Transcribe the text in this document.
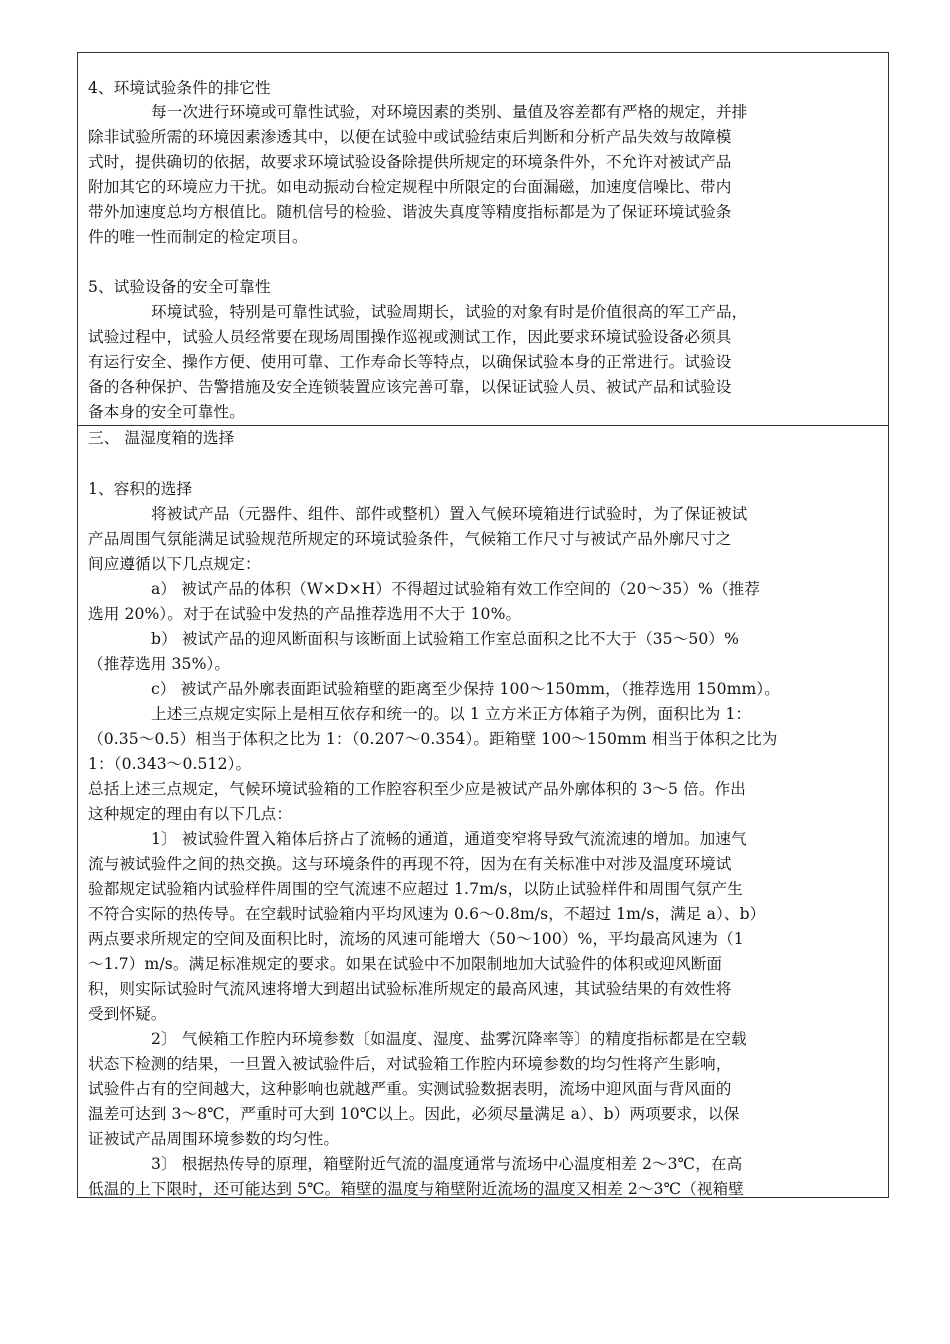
4、环境试验条件的排它性
每一次进行环境或可靠性试验，对环境因素的类别、量值及容差都有严格的规定，并排
除非试验所需的环境因素渗透其中，以便在试验中或试验结束后判断和分析产品失效与故障模
式时，提供确切的依据，故要求环境试验设备除提供所规定的环境条件外，不允许对被试产品
附加其它的环境应力干扰。如电动振动台检定规程中所限定的台面漏磁，加速度信噪比、带内
带外加速度总均方根值比。随机信号的检验、谐波失真度等精度指标都是为了保证环境试验条
件的唯一性而制定的检定项目。
5、试验设备的安全可靠性
环境试验，特别是可靠性试验，试验周期长，试验的对象有时是价值很高的军工产品，
试验过程中，试验人员经常要在现场周围操作巡视或测试工作，因此要求环境试验设备必须具
有运行安全、操作方便、使用可靠、工作寿命长等特点，以确保试验本身的正常进行。试验设
备的各种保护、告警措施及安全连锁装置应该完善可靠，以保证试验人员、被试产品和试验设
备本身的安全可靠性。
三、 温湿度箱的选择
1、容积的选择
将被试产品（元器件、组件、部件或整机）置入气候环境箱进行试验时，为了保证被试
产品周围气氛能满足试验规范所规定的环境试验条件，气候箱工作尺寸与被试产品外廓尺寸之
间应遵循以下几点规定：
a） 被试产品的体积（W×D×H）不得超过试验箱有效工作空间的（20～35）%（推荐
选用 20%）。对于在试验中发热的产品推荐选用不大于 10%。
b） 被试产品的迎风断面积与该断面上试验箱工作室总面积之比不大于（35～50）%
（推荐选用 35%）。
c） 被试产品外廓表面距试验箱壁的距离至少保持 100～150mm，（推荐选用 150mm）。
上述三点规定实际上是相互依存和统一的。以 1 立方米正方体箱子为例，面积比为 1：
（0.35～0.5）相当于体积之比为 1：（0.207～0.354）。距箱壁 100～150mm 相当于体积之比为
1：（0.343～0.512）。
总括上述三点规定，气候环境试验箱的工作腔容积至少应是被试产品外廓体积的 3～5 倍。作出
这种规定的理由有以下几点：
1〕 被试验件置入箱体后挤占了流畅的通道，通道变窄将导致气流流速的增加。加速气
流与被试验件之间的热交换。这与环境条件的再现不符，因为在有关标准中对涉及温度环境试
验都规定试验箱内试验样件周围的空气流速不应超过 1.7m/s，以防止试验样件和周围气氛产生
不符合实际的热传导。在空载时试验箱内平均风速为 0.6～0.8m/s，不超过 1m/s，满足 a）、b）
两点要求所规定的空间及面积比时，流场的风速可能增大（50～100）%，平均最高风速为（1
～1.7）m/s。满足标准规定的要求。如果在试验中不加限制地加大试验件的体积或迎风断面
积，则实际试验时气流风速将增大到超出试验标准所规定的最高风速，其试验结果的有效性将
受到怀疑。
2〕 气候箱工作腔内环境参数〔如温度、湿度、盐雾沉降率等〕的精度指标都是在空载
状态下检测的结果，一旦置入被试验件后，对试验箱工作腔内环境参数的均匀性将产生影响，
试验件占有的空间越大，这种影响也就越严重。实测试验数据表明，流场中迎风面与背风面的
温差可达到 3～8℃，严重时可大到 10℃以上。因此，必须尽量满足 a）、b）两项要求，以保
证被试产品周围环境参数的均匀性。
3〕 根据热传导的原理，箱壁附近气流的温度通常与流场中心温度相差 2～3℃，在高
低温的上下限时，还可能达到 5℃。箱壁的温度与箱壁附近流场的温度又相差 2～3℃（视箱壁
